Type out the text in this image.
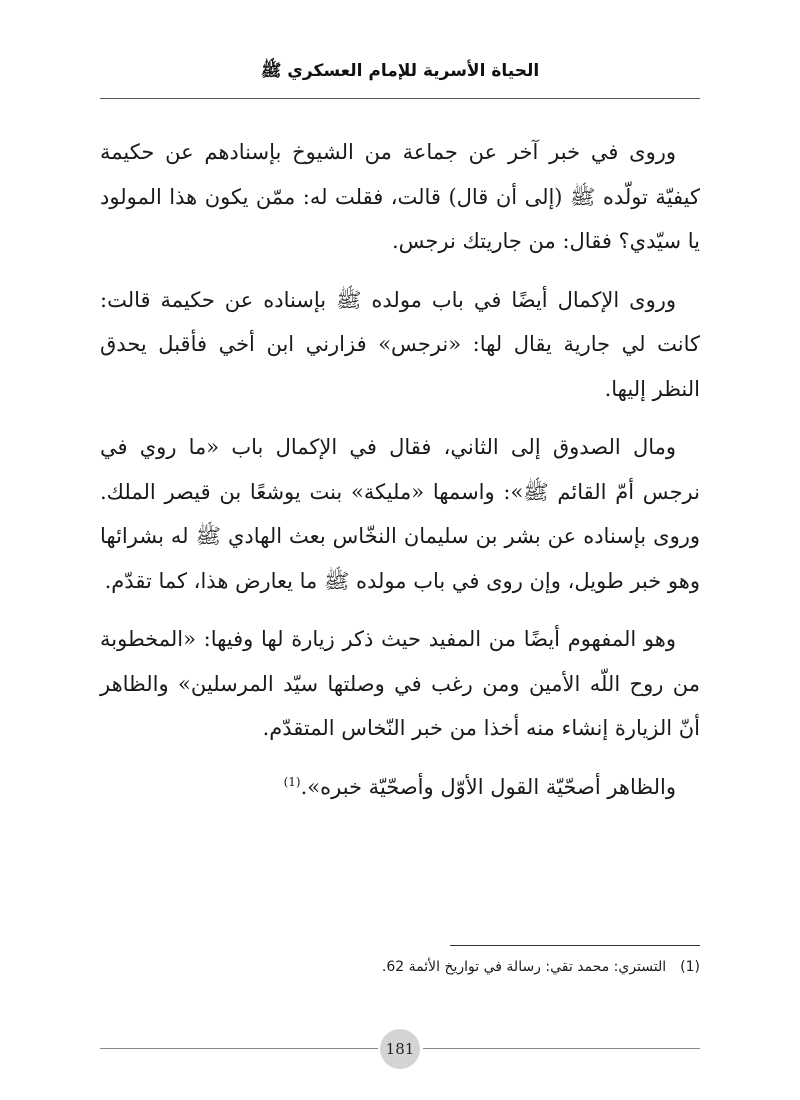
الحياة الأسرية للإمام العسكري ﷺ

وروى في خبر آخر عن جماعة من الشيوخ بإسنادهم عن حكيمة كيفيّة تولّده ﷺ (إلى أن قال) قالت، فقلت له: ممّن يكون هذا المولود يا سيّدي؟ فقال: من جاريتك نرجس.

وروى الإكمال أيضًا في باب مولده ﷺ بإسناده عن حكيمة قالت: كانت لي جارية يقال لها: «نرجس» فزارني ابن أخي فأقبل يحدق النظر إليها.

ومال الصدوق إلى الثاني، فقال في الإكمال باب «ما روي في نرجس أمّ القائم ﷺ»: واسمها «مليكة» بنت يوشعًا بن قيصر الملك. وروى بإسناده عن بشر بن سليمان النخّاس بعث الهادي ﷺ له بشرائها وهو خبر طويل، وإن روى في باب مولده ﷺ ما يعارض هذا، كما تقدّم.

وهو المفهوم أيضًا من المفيد حيث ذكر زيارة لها وفيها: «المخطوبة من روح اللّه الأمين ومن رغب في وصلتها سيّد المرسلين» والظاهر أنّ الزيارة إنشاء منه أخذا من خبر النّخاس المتقدّم.

والظاهر أصحّيّة القول الأوّل وأصحّيّة خبره».$^{(1)}$

(1)التستري: محمد تقي: رسالة في تواريخ الأئمة 62.
181
